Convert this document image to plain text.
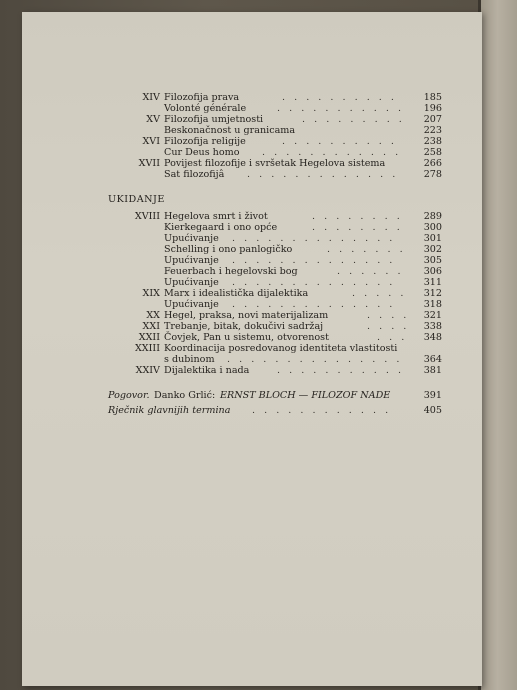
XIV Filozofija prava	. . . . . . . . . .	185
Volonté générale	. . . . . . . . . . .	196
XV Filozofija umjetnosti	. . . . . . . . .	207
Beskonačnost u granicama	223
XVI Filozofija religije	. . . . . . . . . .	238
Cur Deus homo . . . . . . . . . . . .	258
XVII Povijest filozofije i svršetak Hegelova sistema	266
Sat filozofijâ . . . . . . . . . . . . .	278
UKIDANJE
XVIII Hegelova smrt i život	. . . . . . . .	289
Kierkegaard i ono opće	. . . . . . . .	300
Upućivanje . . . . . . . . . . . . . .	301
Schelling i ono panlogičko	. . . . . . .	302
Upućivanje . . . . . . . . . . . . . .	305
Feuerbach i hegelovski bog	. . . . . .	306
Upućivanje . . . . . . . . . . . . . .	311
XIX Marx i idealistička dijalektika	. . . . .	312
Upućivanje . . . . . . . . . . . . . .	318
XX Hegel, praksa, novi materijalizam	. . . .	321
XXI Trebanje, bitak, dokučivi sadržaj	. . . .	338
XXII Čovjek, Pan u sistemu, otvorenost	. . .	348
XXIII Koordinacija posredovanog identiteta vlastitosti
s dubinom . . . . . . . . . . . . . . .	364
XXIV Dijalektika i nada	. . . . . . . . . . .	381
Pogovor. Danko Grlić: ERNST BLOCH — FILOZOF NADE	391
Rječnik glavnijih termina . . . . . . . . . . . .	405
